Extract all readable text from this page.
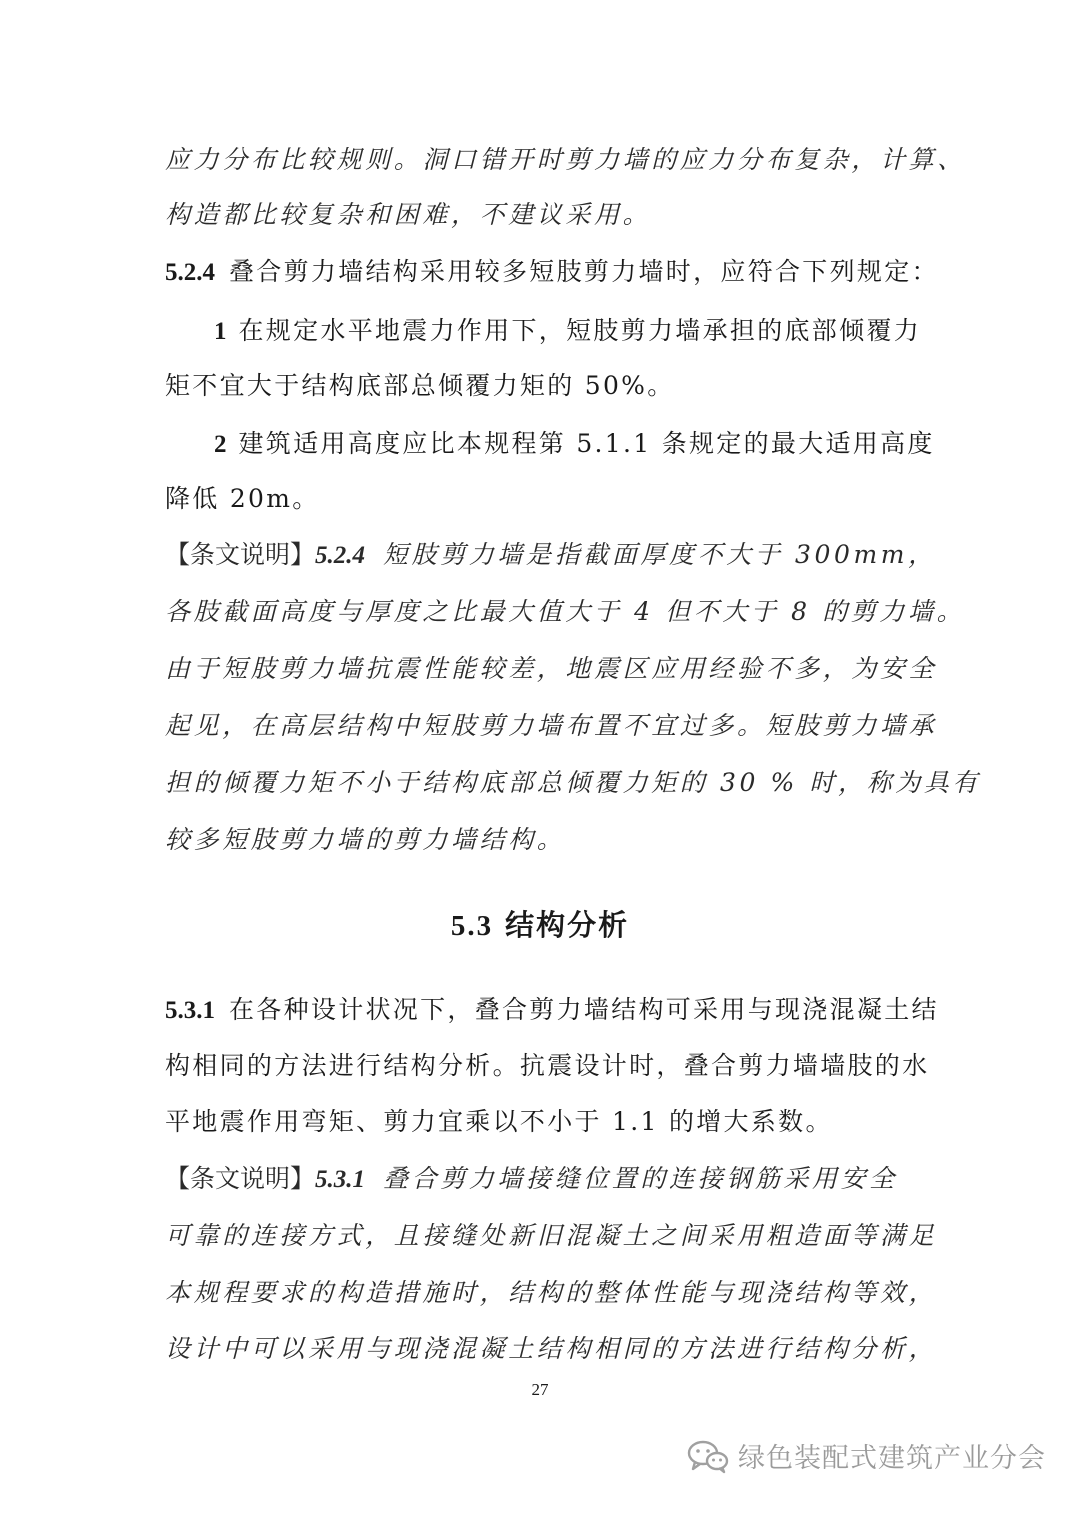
应力分布比较规则。洞口错开时剪力墙的应力分布复杂，计算、
构造都比较复杂和困难，不建议采用。
5.2.4 叠合剪力墙结构采用较多短肢剪力墙时，应符合下列规定：
1 在规定水平地震力作用下，短肢剪力墙承担的底部倾覆力
矩不宜大于结构底部总倾覆力矩的 50%。
2 建筑适用高度应比本规程第 5.1.1 条规定的最大适用高度
降低 20m。
【条文说明】5.2.4 短肢剪力墙是指截面厚度不大于 300mm，
各肢截面高度与厚度之比最大值大于 4 但不大于 8 的剪力墙。
由于短肢剪力墙抗震性能较差，地震区应用经验不多，为安全
起见，在高层结构中短肢剪力墙布置不宜过多。短肢剪力墙承
担的倾覆力矩不小于结构底部总倾覆力矩的 30 % 时，称为具有
较多短肢剪力墙的剪力墙结构。
5.3 结构分析
5.3.1 在各种设计状况下，叠合剪力墙结构可采用与现浇混凝土结
构相同的方法进行结构分析。抗震设计时，叠合剪力墙墙肢的水
平地震作用弯矩、剪力宜乘以不小于 1.1 的增大系数。
【条文说明】5.3.1 叠合剪力墙接缝位置的连接钢筋采用安全
可靠的连接方式，且接缝处新旧混凝土之间采用粗造面等满足
本规程要求的构造措施时，结构的整体性能与现浇结构等效，
设计中可以采用与现浇混凝土结构相同的方法进行结构分析，
27
绿色装配式建筑产业分会
